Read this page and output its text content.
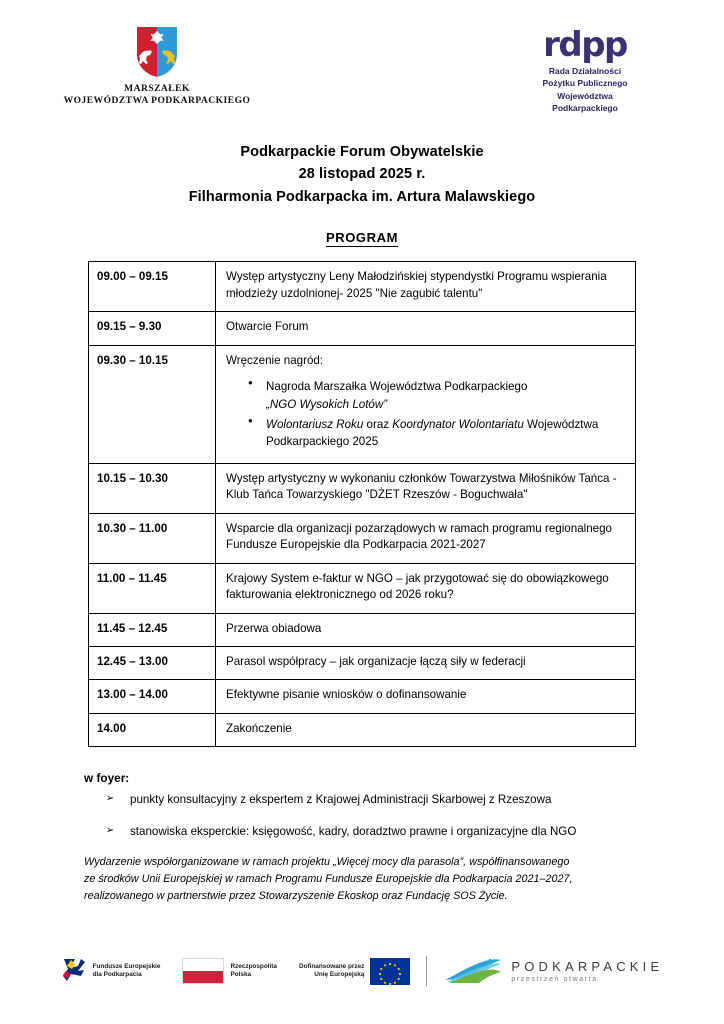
MARSZAŁEK
WOJEWÓDZTWA PODKARPACKIEGO
rdpp
Rada Działalności
Pożytku Publicznego
Województwa
Podkarpackiego
Podkarpackie Forum Obywatelskie
28 listopad 2025 r.
Filharmonia Podkarpacka im. Artura Malawskiego
PROGRAM
09.00 – 09.15	Występ artystyczny Leny Małodzińskiej stypendystki Programu wspierania młodzieży uzdolnionej- 2025 "Nie zagubić talentu"
09.15 – 9.30	Otwarcie Forum
09.30 – 10.15	Wręczenie nagród:
● Nagroda Marszałka Województwa Podkarpackiego
„NGO Wysokich Lotów”
● Wolontariusz Roku oraz Koordynator Wolontariatu Województwa Podkarpackiego 2025

10.15 – 10.30	Występ artystyczny w wykonaniu członków Towarzystwa Miłośników Tańca - Klub Tańca Towarzyskiego "DŻET Rzeszów - Boguchwała"
10.30 – 11.00	Wsparcie dla organizacji pozarządowych w ramach programu regionalnego Fundusze Europejskie dla Podkarpacia 2021-2027
11.00 – 11.45	Krajowy System e-faktur w NGO – jak przygotować się do obowiązkowego fakturowania elektronicznego od 2026 roku?
11.45 – 12.45	Przerwa obiadowa
12.45 – 13.00	Parasol współpracy – jak organizacje łączą siły w federacji
13.00 – 14.00	Efektywne pisanie wniosków o dofinansowanie
14.00	Zakończenie
w foyer:
➢ punkty konsultacyjny z ekspertem z Krajowej Administracji Skarbowej z Rzeszowa
➢ stanowiska eksperckie: księgowość, kadry, doradztwo prawne i organizacyjne dla NGO
Wydarzenie współorganizowane w ramach projektu „Więcej mocy dla parasola”, współfinansowanego
ze środków Unii Europejskiej w ramach Programu Fundusze Europejskie dla Podkarpacia 2021–2027,
realizowanego w partnerstwie przez Stowarzyszenie Ekoskop oraz Fundację SOS Życie.
Fundusze Europejskie
dla Podkarpacia
Rzeczpospolita
Polska
Dofinansowane przez
Unię Europejską
PODKARPACKIE
przestrzeń otwarta
